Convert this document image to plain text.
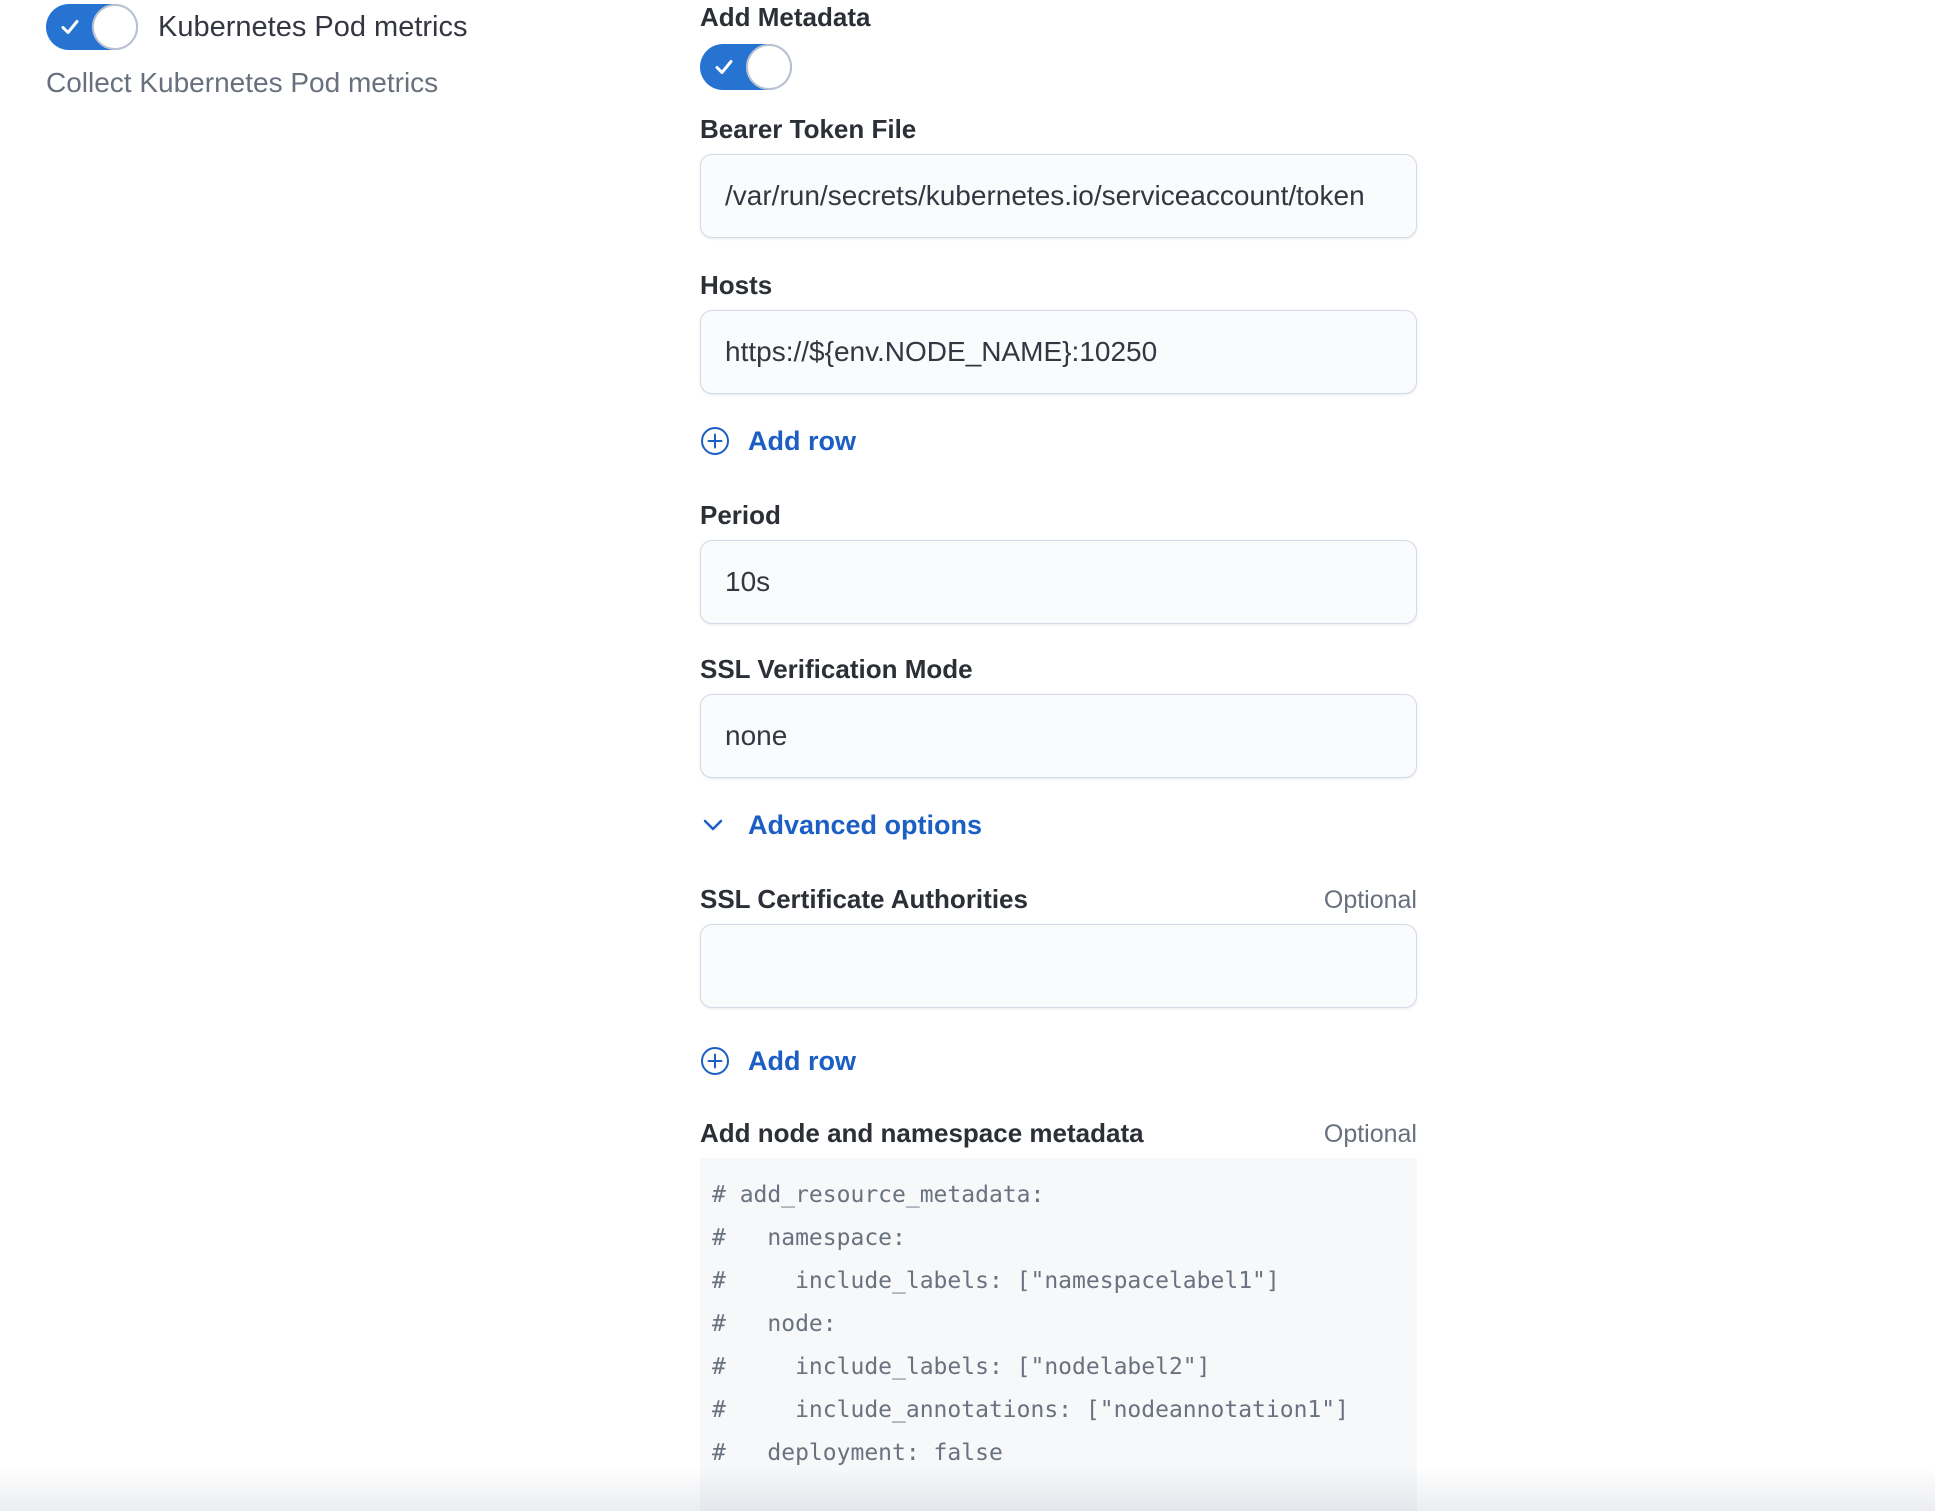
Kubernetes Pod metrics
Collect Kubernetes Pod metrics
Add Metadata
Bearer Token File
/var/run/secrets/kubernetes.io/serviceaccount/token
Hosts
https://${env.NODE_NAME}:10250
Add row
Period
10s
SSL Verification Mode
none
Advanced options
SSL Certificate Authorities	Optional
Add row
Add node and namespace metadata	Optional
# add_resource_metadata:
#   namespace:
#     include_labels: ["namespacelabel1"]
#   node:
#     include_labels: ["nodelabel2"]
#     include_annotations: ["nodeannotation1"]
#   deployment: false
